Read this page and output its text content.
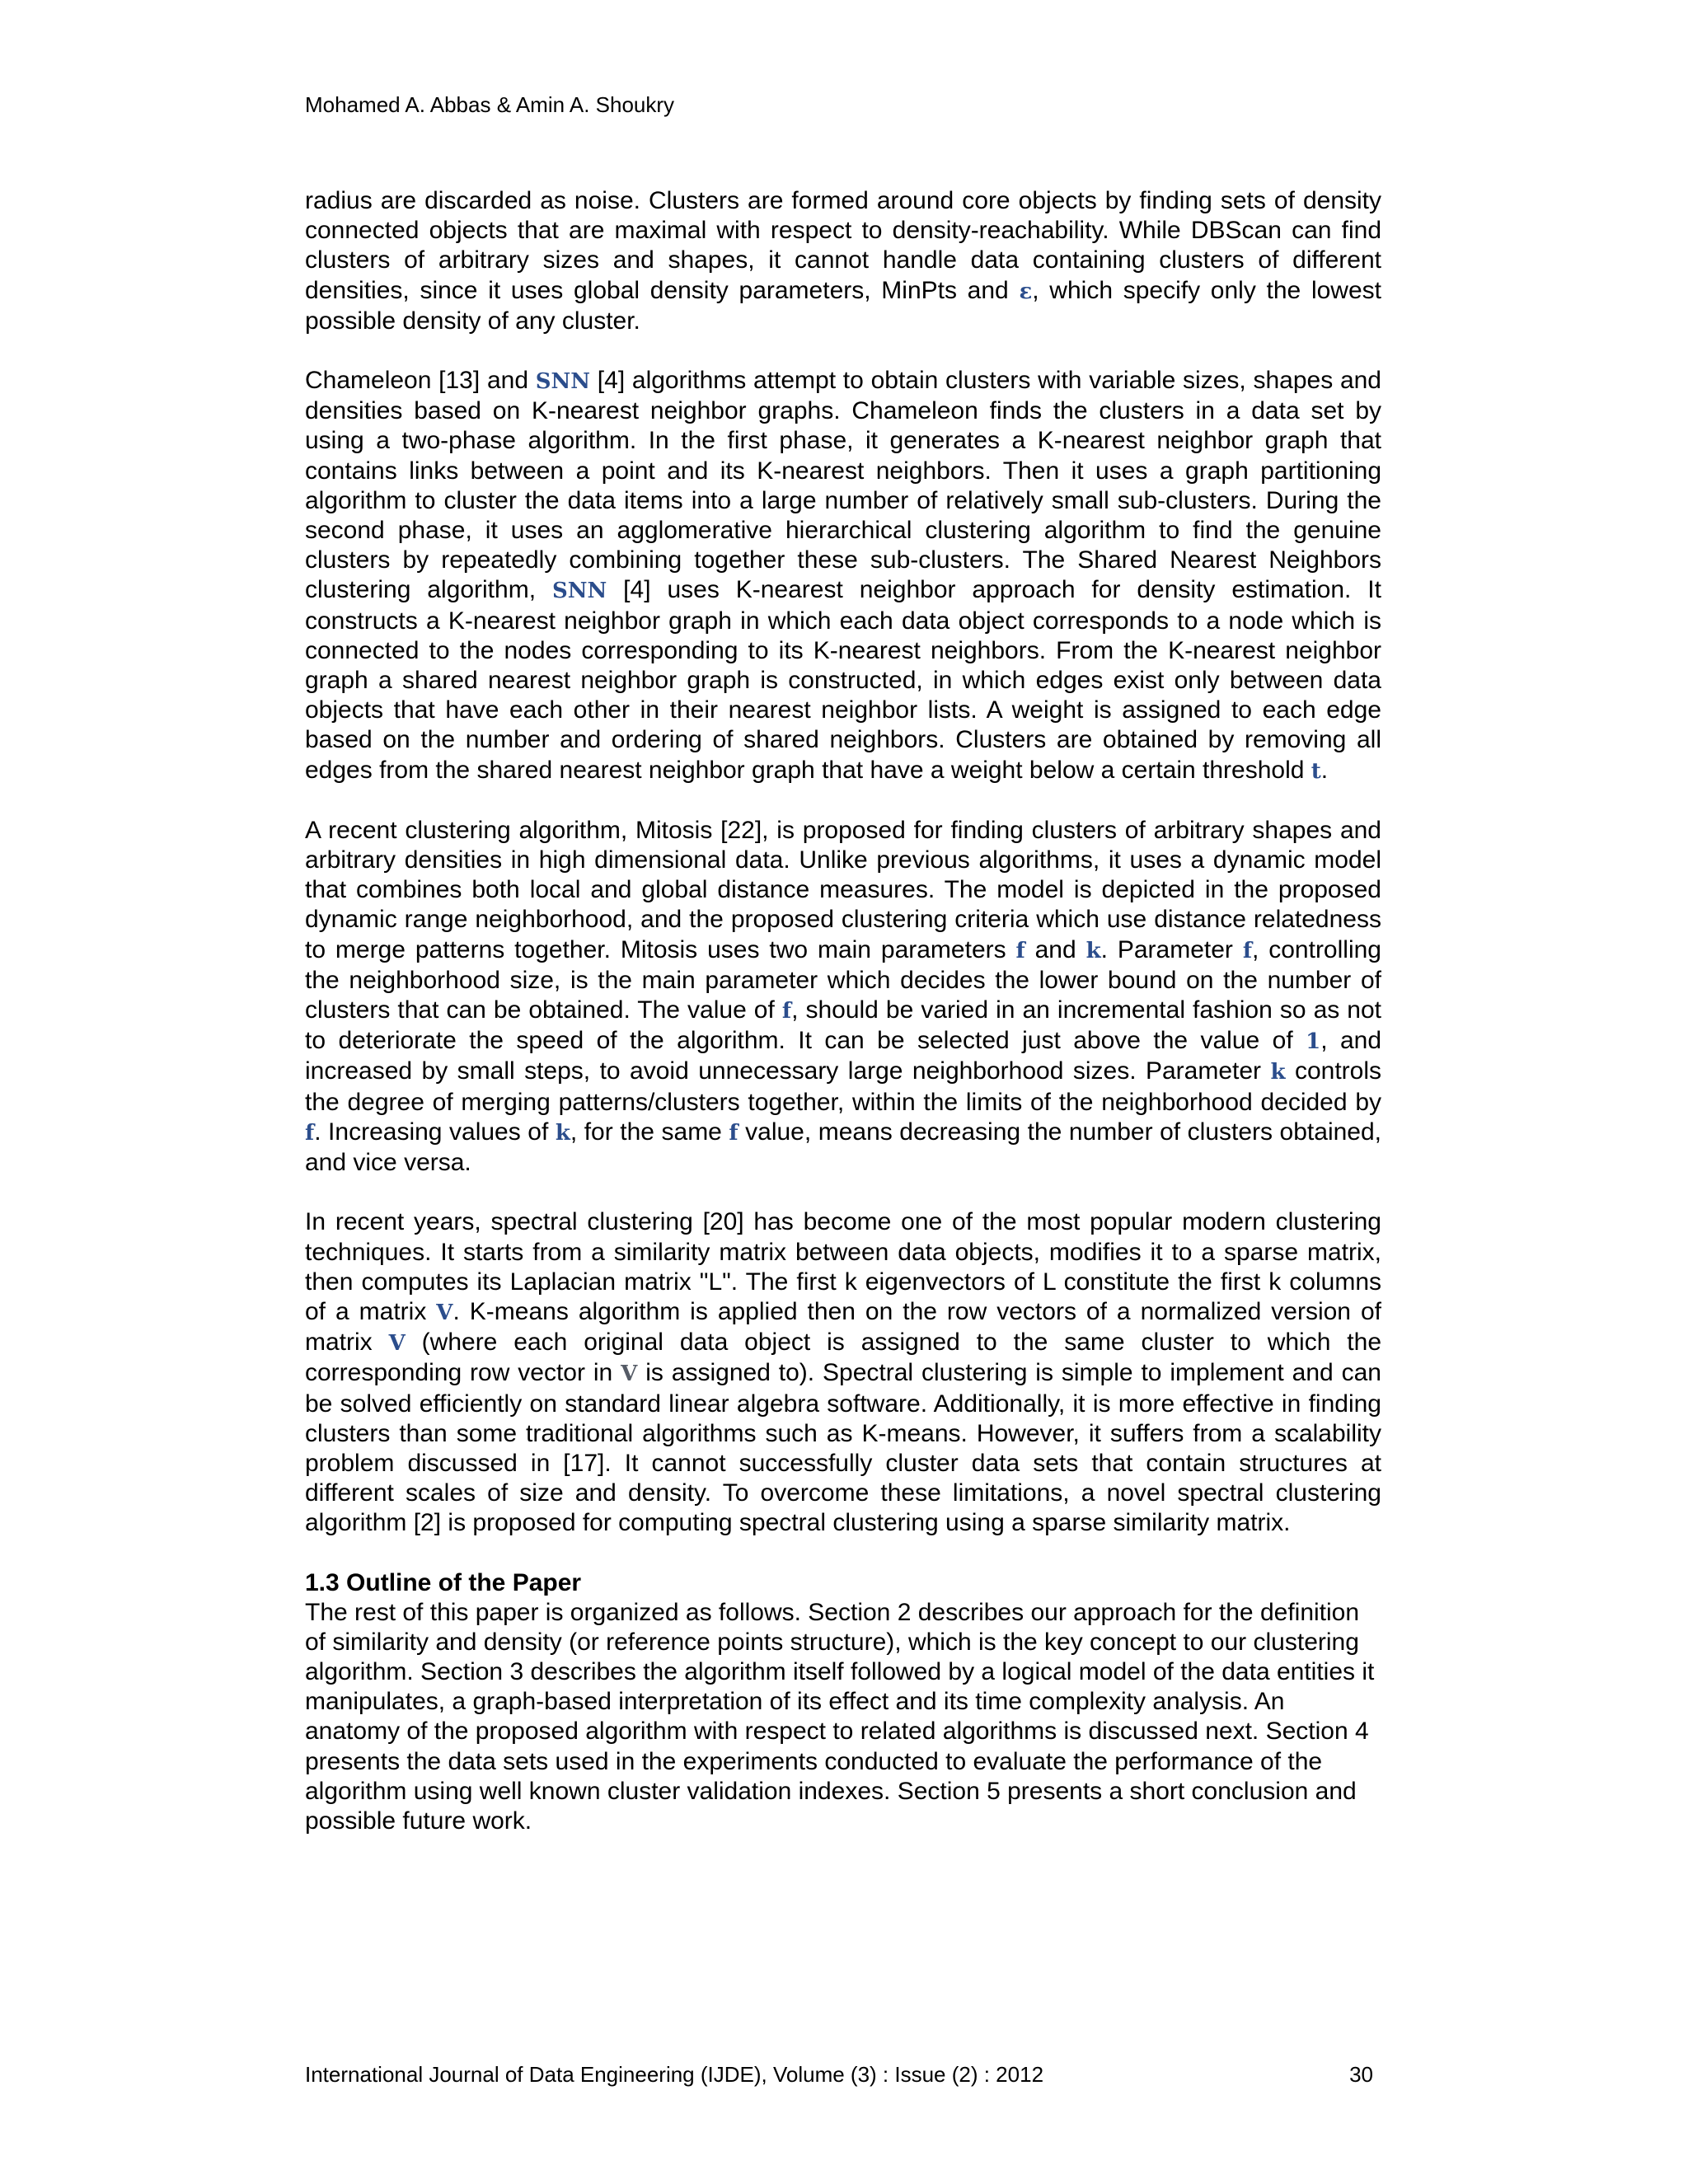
Mohamed A. Abbas & Amin A. Shoukry

radius are discarded as noise. Clusters are formed around core objects by finding sets of density connected objects that are maximal with respect to density-reachability. While DBScan can find clusters of arbitrary sizes and shapes, it cannot handle data containing clusters of different densities, since it uses global density parameters, MinPts and ε, which specify only the lowest possible density of any cluster.

Chameleon [13] and SNN [4] algorithms attempt to obtain clusters with variable sizes, shapes and densities based on K-nearest neighbor graphs. Chameleon finds the clusters in a data set by using a two-phase algorithm. In the first phase, it generates a K-nearest neighbor graph that contains links between a point and its K-nearest neighbors. Then it uses a graph partitioning algorithm to cluster the data items into a large number of relatively small sub-clusters. During the second phase, it uses an agglomerative hierarchical clustering algorithm to find the genuine clusters by repeatedly combining together these sub-clusters. The Shared Nearest Neighbors clustering algorithm, SNN [4] uses K-nearest neighbor approach for density estimation. It constructs a K-nearest neighbor graph in which each data object corresponds to a node which is connected to the nodes corresponding to its K-nearest neighbors. From the K-nearest neighbor graph a shared nearest neighbor graph is constructed, in which edges exist only between data objects that have each other in their nearest neighbor lists. A weight is assigned to each edge based on the number and ordering of shared neighbors. Clusters are obtained by removing all edges from the shared nearest neighbor graph that have a weight below a certain threshold t.

A recent clustering algorithm, Mitosis [22], is proposed for finding clusters of arbitrary shapes and arbitrary densities in high dimensional data. Unlike previous algorithms, it uses a dynamic model that combines both local and global distance measures. The model is depicted in the proposed dynamic range neighborhood, and the proposed clustering criteria which use distance relatedness to merge patterns together. Mitosis uses two main parameters f and k. Parameter f, controlling the neighborhood size, is the main parameter which decides the lower bound on the number of clusters that can be obtained. The value of f, should be varied in an incremental fashion so as not to deteriorate the speed of the algorithm. It can be selected just above the value of 1, and increased by small steps, to avoid unnecessary large neighborhood sizes. Parameter k controls the degree of merging patterns/clusters together, within the limits of the neighborhood decided by f. Increasing values of k, for the same f value, means decreasing the number of clusters obtained, and vice versa.

In recent years, spectral clustering [20] has become one of the most popular modern clustering techniques. It starts from a similarity matrix between data objects, modifies it to a sparse matrix, then computes its Laplacian matrix "L". The first k eigenvectors of L constitute the first k columns of a matrix V. K-means algorithm is applied then on the row vectors of a normalized version of matrix V (where each original data object is assigned to the same cluster to which the corresponding row vector in V is assigned to). Spectral clustering is simple to implement and can be solved efficiently on standard linear algebra software. Additionally, it is more effective in finding clusters than some traditional algorithms such as K-means. However, it suffers from a scalability problem discussed in [17]. It cannot successfully cluster data sets that contain structures at different scales of size and density. To overcome these limitations, a novel spectral clustering algorithm [2] is proposed for computing spectral clustering using a sparse similarity matrix.

1.3 Outline of the Paper

The rest of this paper is organized as follows. Section 2 describes our approach for the definition of similarity and density (or reference points structure), which is the key concept to our clustering algorithm. Section 3 describes the algorithm itself followed by a logical model of the data entities it manipulates, a graph-based interpretation of its effect and its time complexity analysis. An anatomy of the proposed algorithm with respect to related algorithms is discussed next. Section 4 presents the data sets used in the experiments conducted to evaluate the performance of the algorithm using well known cluster validation indexes. Section 5 presents a short conclusion and possible future work.

International Journal of Data Engineering (IJDE), Volume (3) : Issue (2) : 2012	30
